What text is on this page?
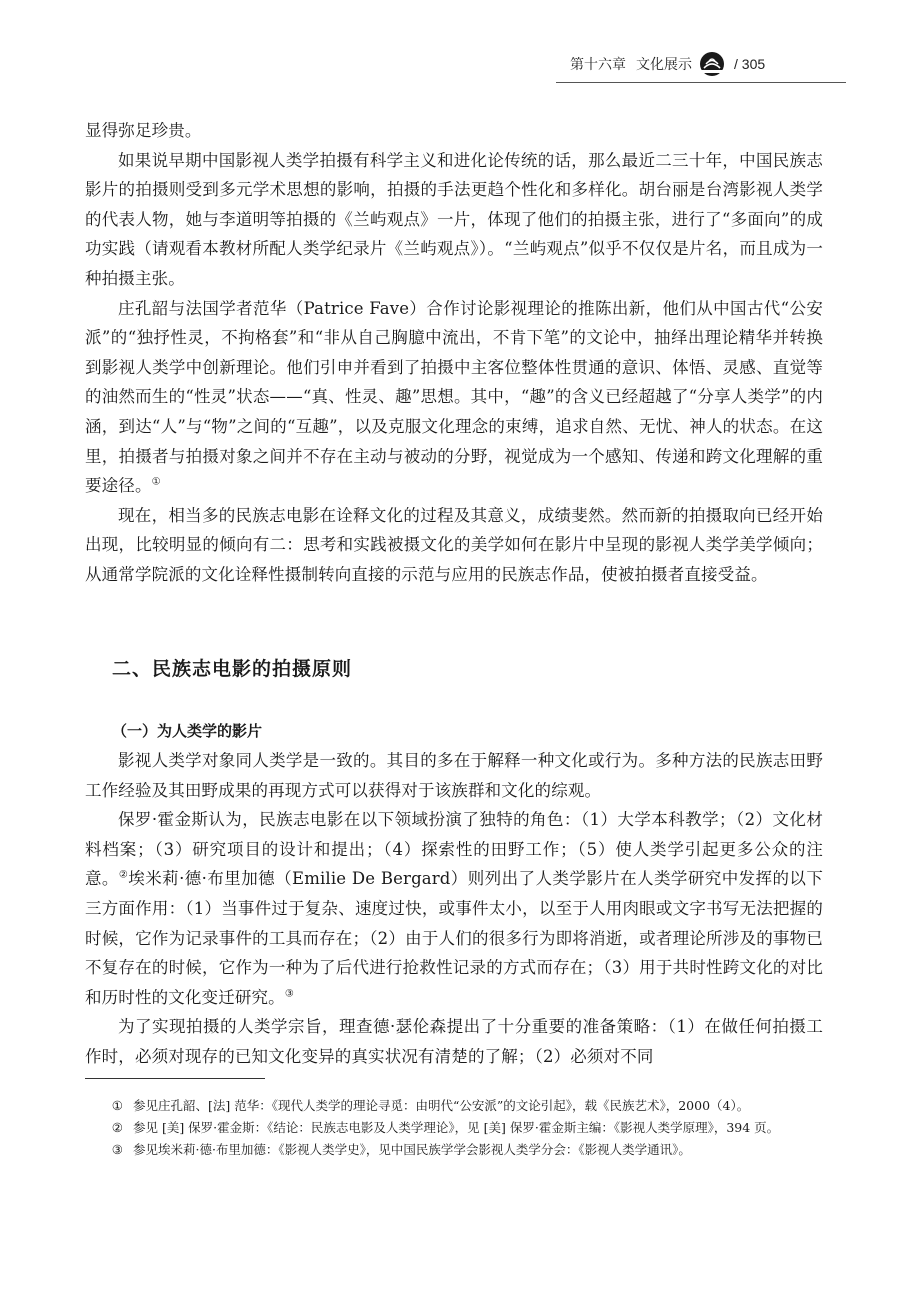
第十六章 文化展示	/ 305

显得弥足珍贵。

如果说早期中国影视人类学拍摄有科学主义和进化论传统的话，那么最近二三十年，中国民族志影片的拍摄则受到多元学术思想的影响，拍摄的手法更趋个性化和多样化。胡台丽是台湾影视人类学的代表人物，她与李道明等拍摄的《兰屿观点》一片，体现了他们的拍摄主张，进行了“多面向”的成功实践（请观看本教材所配人类学纪录片《兰屿观点》）。“兰屿观点”似乎不仅仅是片名，而且成为一种拍摄主张。

庄孔韶与法国学者范华（Patrice Fave）合作讨论影视理论的推陈出新，他们从中国古代“公安派”的“独抒性灵，不拘格套”和“非从自己胸臆中流出，不肯下笔”的文论中，抽绎出理论精华并转换到影视人类学中创新理论。他们引申并看到了拍摄中主客位整体性贯通的意识、体悟、灵感、直觉等的油然而生的“性灵”状态——“真、性灵、趣”思想。其中，“趣”的含义已经超越了“分享人类学”的内涵，到达“人”与“物”之间的“互趣”，以及克服文化理念的束缚，追求自然、无忧、神人的状态。在这里，拍摄者与拍摄对象之间并不存在主动与被动的分野，视觉成为一个感知、传递和跨文化理解的重要途径。①

现在，相当多的民族志电影在诠释文化的过程及其意义，成绩斐然。然而新的拍摄取向已经开始出现，比较明显的倾向有二：思考和实践被摄文化的美学如何在影片中呈现的影视人类学美学倾向；从通常学院派的文化诠释性摄制转向直接的示范与应用的民族志作品，使被拍摄者直接受益。

二、民族志电影的拍摄原则
（一）为人类学的影片

影视人类学对象同人类学是一致的。其目的多在于解释一种文化或行为。多种方法的民族志田野工作经验及其田野成果的再现方式可以获得对于该族群和文化的综观。

保罗·霍金斯认为，民族志电影在以下领域扮演了独特的角色：（1）大学本科教学；（2）文化材料档案；（3）研究项目的设计和提出；（4）探索性的田野工作；（5）使人类学引起更多公众的注意。②埃米莉·德·布里加德（Emilie De Bergard）则列出了人类学影片在人类学研究中发挥的以下三方面作用：（1）当事件过于复杂、速度过快，或事件太小，以至于人用肉眼或文字书写无法把握的时候，它作为记录事件的工具而存在；（2）由于人们的很多行为即将消逝，或者理论所涉及的事物已不复存在的时候，它作为一种为了后代进行抢救性记录的方式而存在；（3）用于共时性跨文化的对比和历时性的文化变迁研究。③

为了实现拍摄的人类学宗旨，理查德·瑟伦森提出了十分重要的准备策略：（1）在做任何拍摄工作时，必须对现存的已知文化变异的真实状况有清楚的了解；（2）必须对不同

① 参见庄孔韶、[法] 范华：《现代人类学的理论寻觅：由明代“公安派”的文论引起》，载《民族艺术》，2000（4）。

② 参见 [美] 保罗·霍金斯：《结论：民族志电影及人类学理论》，见 [美] 保罗·霍金斯主编：《影视人类学原理》，394 页。

③ 参见埃米莉·德·布里加德：《影视人类学史》，见中国民族学学会影视人类学分会：《影视人类学通讯》。
